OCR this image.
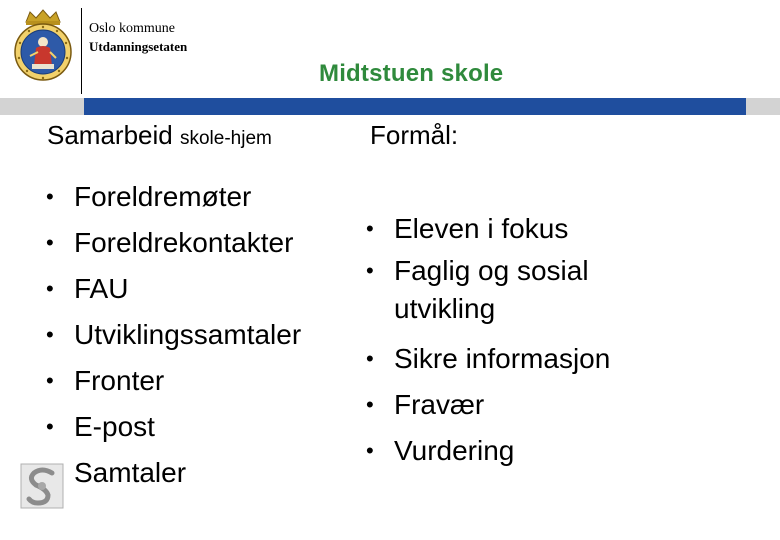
Oslo kommune
Utdanningsetaten
Midtstuen skole
Samarbeid skole-hjem
• Foreldremøter
• Foreldrekontakter
• FAU
• Utviklingssamtaler
• Fronter
• E-post
Samtaler
Formål:
• Eleven i fokus
• Faglig og sosial utvikling
• Sikre informasjon
• Fravær
• Vurdering
